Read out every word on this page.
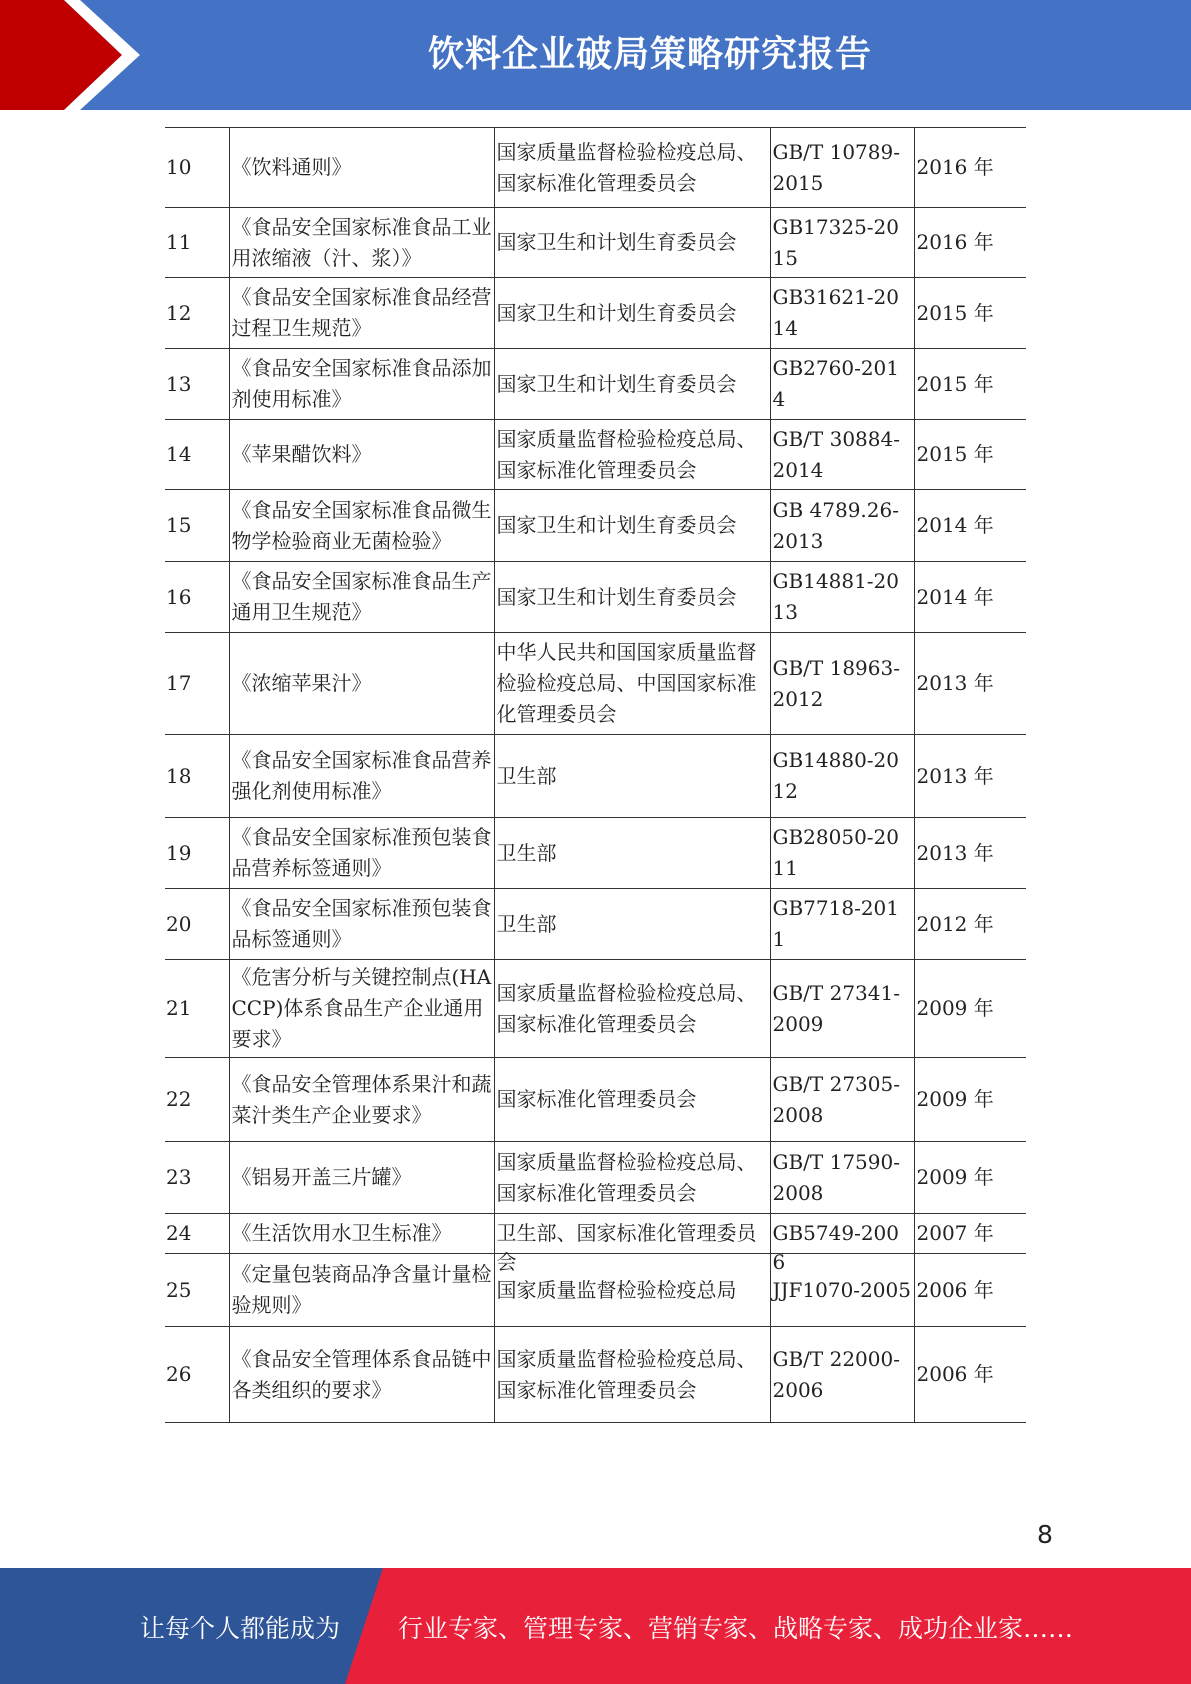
饮料企业破局策略研究报告
10	《饮料通则》	国家质量监督检验检疫总局、国家标准化管理委员会	GB/T 10789-2015	2016 年

11	《食品安全国家标准食品工业用浓缩液（汁、浆）》	国家卫生和计划生育委员会	GB17325-2015	2016 年

12	《食品安全国家标准食品经营过程卫生规范》	国家卫生和计划生育委员会	GB31621-2014	2015 年

13	《食品安全国家标准食品添加剂使用标准》	国家卫生和计划生育委员会	GB2760-2014	2015 年

14	《苹果醋饮料》	国家质量监督检验检疫总局、国家标准化管理委员会	GB/T 30884-2014	2015 年

15	《食品安全国家标准食品微生物学检验商业无菌检验》	国家卫生和计划生育委员会	GB 4789.26-2013	2014 年

16	《食品安全国家标准食品生产通用卫生规范》	国家卫生和计划生育委员会	GB14881-2013	2014 年

17	《浓缩苹果汁》	中华人民共和国国家质量监督检验检疫总局、中国国家标准化管理委员会	GB/T 18963-2012	2013 年

18	《食品安全国家标准食品营养强化剂使用标准》	卫生部	GB14880-2012	2013 年

19	《食品安全国家标准预包装食品营养标签通则》	卫生部	GB28050-2011	2013 年

20	《食品安全国家标准预包装食品标签通则》	卫生部	GB7718-2011	2012 年

21	《危害分析与关键控制点(HACCP)体系食品生产企业通用要求》	国家质量监督检验检疫总局、国家标准化管理委员会	GB/T 27341-2009	2009 年

22	《食品安全管理体系果汁和蔬菜汁类生产企业要求》	国家标准化管理委员会	GB/T 27305-2008	2009 年

23	《铝易开盖三片罐》	国家质量监督检验检疫总局、国家标准化管理委员会	GB/T 17590-2008	2009 年

24	《生活饮用水卫生标准》	卫生部、国家标准化管理委员会	GB5749-2006	2007 年

25	《定量包装商品净含量计量检验规则》	国家质量监督检验检疫总局	JJF1070-2005	2006 年

26	《食品安全管理体系食品链中各类组织的要求》	国家质量监督检验检疫总局、国家标准化管理委员会	GB/T 22000-2006	2006 年
8
让每个人都能成为 行业专家、管理专家、营销专家、战略专家、成功企业家……
